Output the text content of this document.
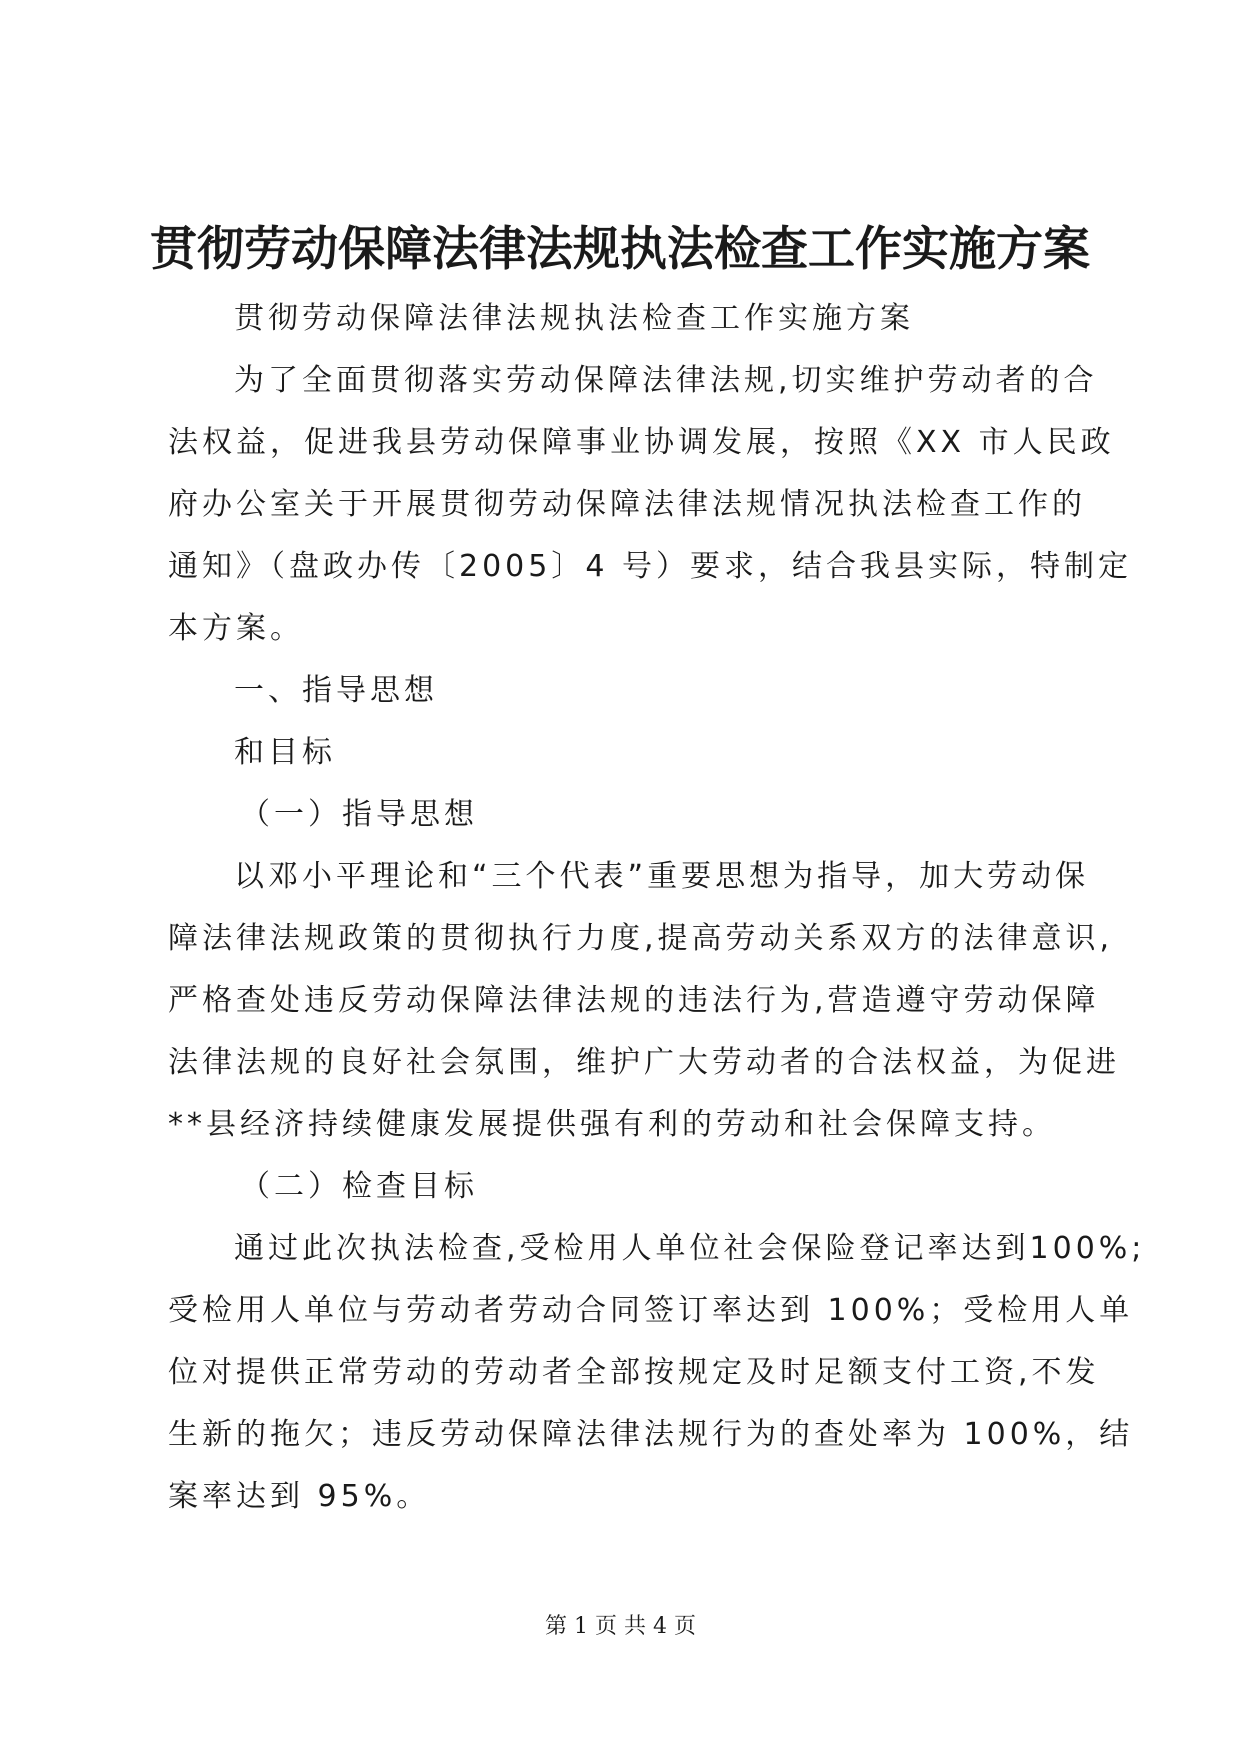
贯彻劳动保障法律法规执法检查工作实施方案

贯彻劳动保障法律法规执法检查工作实施方案

为了全面贯彻落实劳动保障法律法规,切实维护劳动者的合

法权益，促进我县劳动保障事业协调发展，按照《XX 市人民政

府办公室关于开展贯彻劳动保障法律法规情况执法检查工作的

通知》（盘政办传〔2005〕4 号）要求，结合我县实际，特制定

本方案。

一、指导思想

和目标

（一）指导思想

以邓小平理论和“三个代表”重要思想为指导，加大劳动保

障法律法规政策的贯彻执行力度,提高劳动关系双方的法律意识,

严格查处违反劳动保障法律法规的违法行为,营造遵守劳动保障

法律法规的良好社会氛围，维护广大劳动者的合法权益，为促进

**县经济持续健康发展提供强有利的劳动和社会保障支持。

（二）检查目标

通过此次执法检查,受检用人单位社会保险登记率达到100%;

受检用人单位与劳动者劳动合同签订率达到 100%；受检用人单

位对提供正常劳动的劳动者全部按规定及时足额支付工资,不发

生新的拖欠；违反劳动保障法律法规行为的查处率为 100%，结

案率达到 95%。

第 1 页 共 4 页
